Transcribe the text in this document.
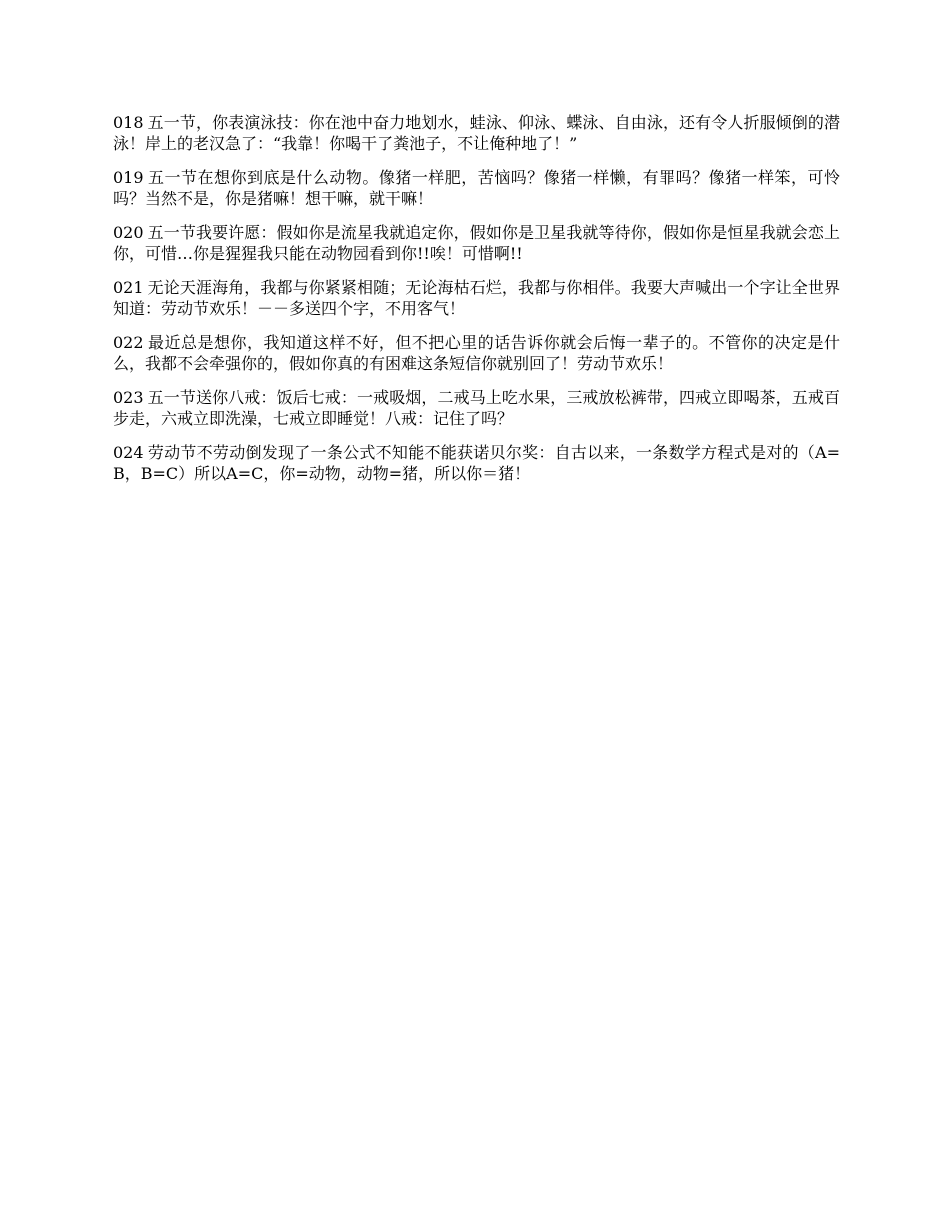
018 五一节，你表演泳技：你在池中奋力地划水，蛙泳、仰泳、蝶泳、自由泳，还有令人折服倾倒的潜泳！岸上的老汉急了：“我靠！你喝干了粪池子，不让俺种地了！”

019 五一节在想你到底是什么动物。像猪一样肥，苦恼吗？像猪一样懒，有罪吗？像猪一样笨，可怜吗？当然不是，你是猪嘛！想干嘛，就干嘛！

020 五一节我要许愿：假如你是流星我就追定你，假如你是卫星我就等待你，假如你是恒星我就会恋上你，可惜…你是猩猩我只能在动物园看到你!!唉！可惜啊!!

021 无论天涯海角，我都与你紧紧相随；无论海枯石烂，我都与你相伴。我要大声喊出一个字让全世界知道：劳动节欢乐！－－多送四个字，不用客气！

022 最近总是想你，我知道这样不好，但不把心里的话告诉你就会后悔一辈子的。不管你的决定是什么，我都不会牵强你的，假如你真的有困难这条短信你就别回了！劳动节欢乐！

023 五一节送你八戒：饭后七戒：一戒吸烟，二戒马上吃水果，三戒放松裤带，四戒立即喝茶，五戒百步走，六戒立即洗澡，七戒立即睡觉！八戒：记住了吗？

024 劳动节不劳动倒发现了一条公式不知能不能获诺贝尔奖：自古以来，一条数学方程式是对的（A=B，B=C）所以A=C，你=动物，动物=猪，所以你＝猪！
